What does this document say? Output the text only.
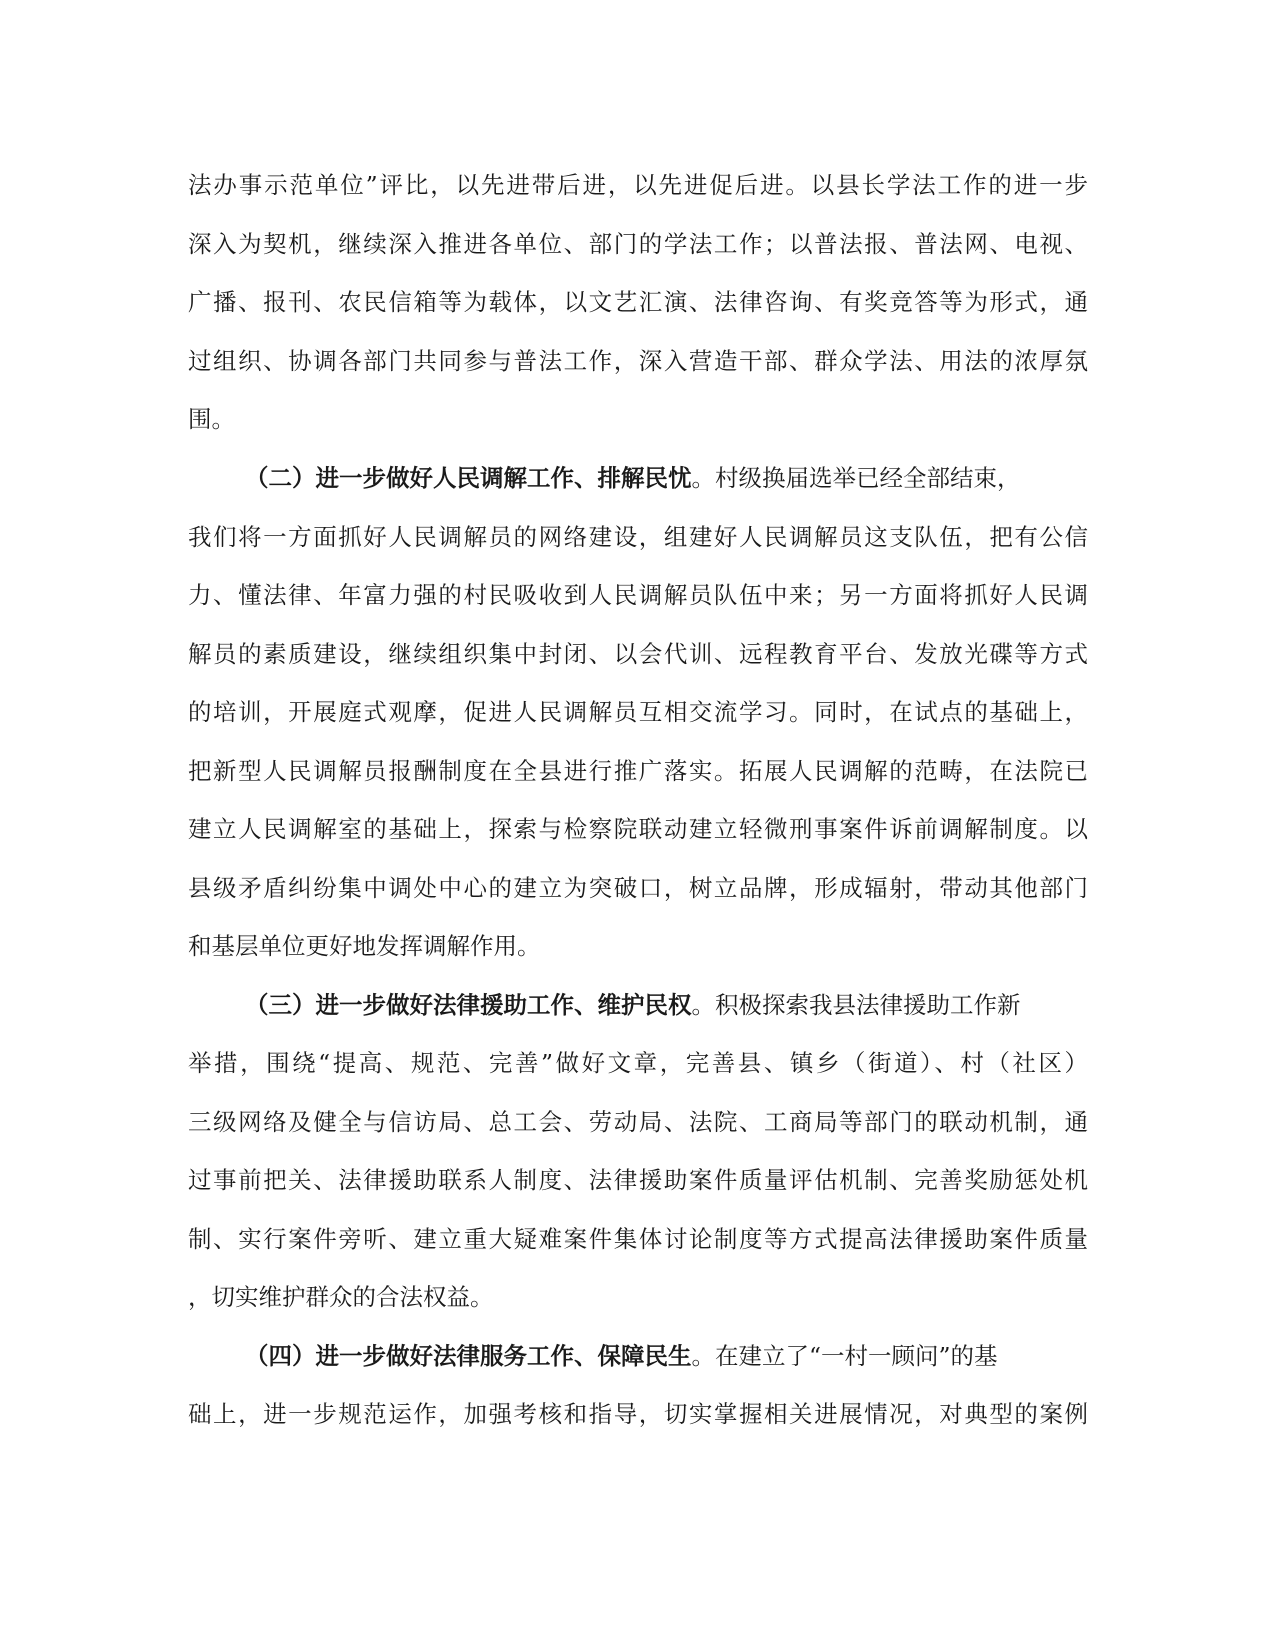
法办事示范单位”评比，以先进带后进，以先进促后进。以县长学法工作的进一步
深入为契机，继续深入推进各单位、部门的学法工作；以普法报、普法网、电视、
广播、报刊、农民信箱等为载体，以文艺汇演、法律咨询、有奖竞答等为形式，通
过组织、协调各部门共同参与普法工作，深入营造干部、群众学法、用法的浓厚氛
围。
（二）进一步做好人民调解工作、排解民忧。村级换届选举已经全部结束，
我们将一方面抓好人民调解员的网络建设，组建好人民调解员这支队伍，把有公信
力、懂法律、年富力强的村民吸收到人民调解员队伍中来；另一方面将抓好人民调
解员的素质建设，继续组织集中封闭、以会代训、远程教育平台、发放光碟等方式
的培训，开展庭式观摩，促进人民调解员互相交流学习。同时，在试点的基础上，
把新型人民调解员报酬制度在全县进行推广落实。拓展人民调解的范畴，在法院已
建立人民调解室的基础上，探索与检察院联动建立轻微刑事案件诉前调解制度。以
县级矛盾纠纷集中调处中心的建立为突破口，树立品牌，形成辐射，带动其他部门
和基层单位更好地发挥调解作用。
（三）进一步做好法律援助工作、维护民权。积极探索我县法律援助工作新
举措，围绕“提高、规范、完善”做好文章，完善县、镇乡（街道）、村（社区）
三级网络及健全与信访局、总工会、劳动局、法院、工商局等部门的联动机制，通
过事前把关、法律援助联系人制度、法律援助案件质量评估机制、完善奖励惩处机
制、实行案件旁听、建立重大疑难案件集体讨论制度等方式提高法律援助案件质量
，切实维护群众的合法权益。
（四）进一步做好法律服务工作、保障民生。在建立了“一村一顾问”的基
础上，进一步规范运作，加强考核和指导，切实掌握相关进展情况，对典型的案例
